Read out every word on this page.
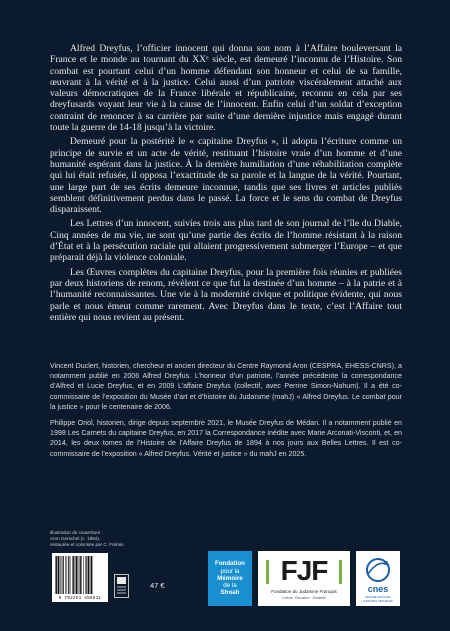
Alfred Dreyfus, l’officier innocent qui donna son nom à l’Affaire bouleversant la France et le monde au tournant du XXᵉ siècle, est demeuré l’inconnu de l’Histoire. Son combat est pourtant celui d’un homme défendant son honneur et celui de sa famille, œuvrant à la vérité et à la justice. Celui aussi d’un patriote viscéralement attaché aux valeurs démocratiques de la France libérale et républicaine, reconnu en cela par ses dreyfusards voyant leur vie à la cause de l’innocent. Enfin celui d’un soldat d’exception contraint de renoncer à sa carrière par suite d’une dernière injustice mais engagé durant toute la guerre de 14-18 jusqu’à la victoire.

Demeuré pour la postérité le « capitaine Dreyfus », il adopta l’écriture comme un principe de survie et un acte de vérité, restituant l’histoire vraie d’un homme et d’une humanité espérant dans la justice. À la dernière humiliation d’une réhabilitation complète qui lui était refusée, il opposa l’exactitude de sa parole et la langue de la vérité. Pourtant, une large part de ses écrits demeure inconnue, tandis que ses livres et articles publiés semblent définitivement perdus dans le passé. La force et le sens du combat de Dreyfus disparaissent.

Les Lettres d’un innocent, suivies trois ans plus tard de son journal de l’île du Diable, Cinq années de ma vie, ne sont qu’une partie des écrits de l’homme résistant à la raison d’État et à la persécution raciale qui allaient progressivement submerger l’Europe – et que préparait déjà la violence coloniale.

Les Œuvres complètes du capitaine Dreyfus, pour la première fois réunies et publiées par deux historiens de renom, révèlent ce que fut la destinée d’un homme – à la patrie et à l’humanité reconnaissantes. Une vie à la modernité civique et politique évidente, qui nous parle et nous émeut comme rarement. Avec Dreyfus dans le texte, c’est l’Affaire tout entière qui nous revient au présent.

Vincent Duclert, historien, chercheur et ancien directeur du Centre Raymond Aron (CESPRA, EHESS-CNRS), a notamment publié en 2006 Alfred Dreyfus. L’honneur d’un patriote, l’année précédente la correspondance d’Alfred et Lucie Dreyfus, et en 2009 L’affaire Dreyfus (collectif, avec Perrine Simon-Nahum). Il a été co-commissaire de l’exposition du Musée d’art et d’histoire du Judaïsme (mahJ) « Alfred Dreyfus. Le combat pour la justice » pour le centenaire de 2006.

Philippe Oriol, historien, dirige depuis septembre 2021, le Musée Dreyfus de Médan. Il a notamment publié en 1998 Les Carnets du capitaine Dreyfus, en 2017 la Correspondance inédite avec Marie Arconati-Visconti, et, en 2014, les deux tomes de l’Histoire de l’Affaire Dreyfus de 1894 à nos jours aux Belles Lettres. Il est co-commissaire de l’exposition « Alfred Dreyfus. Vérité et justice » du mahJ en 2025.

Illustration de couverture :
Aron Gerschel (c. 1894),
restaurée et colorisée par C. Frémin
9 782251 456511
47 €
Fondation
pour la
Mémoire
de la
Shoah
FJF
Fondation du Judaïsme Français
Culture · Éducation · Solidarité
cnes
CENTRE NATIONAL
D'ÉTUDES SPATIALES
